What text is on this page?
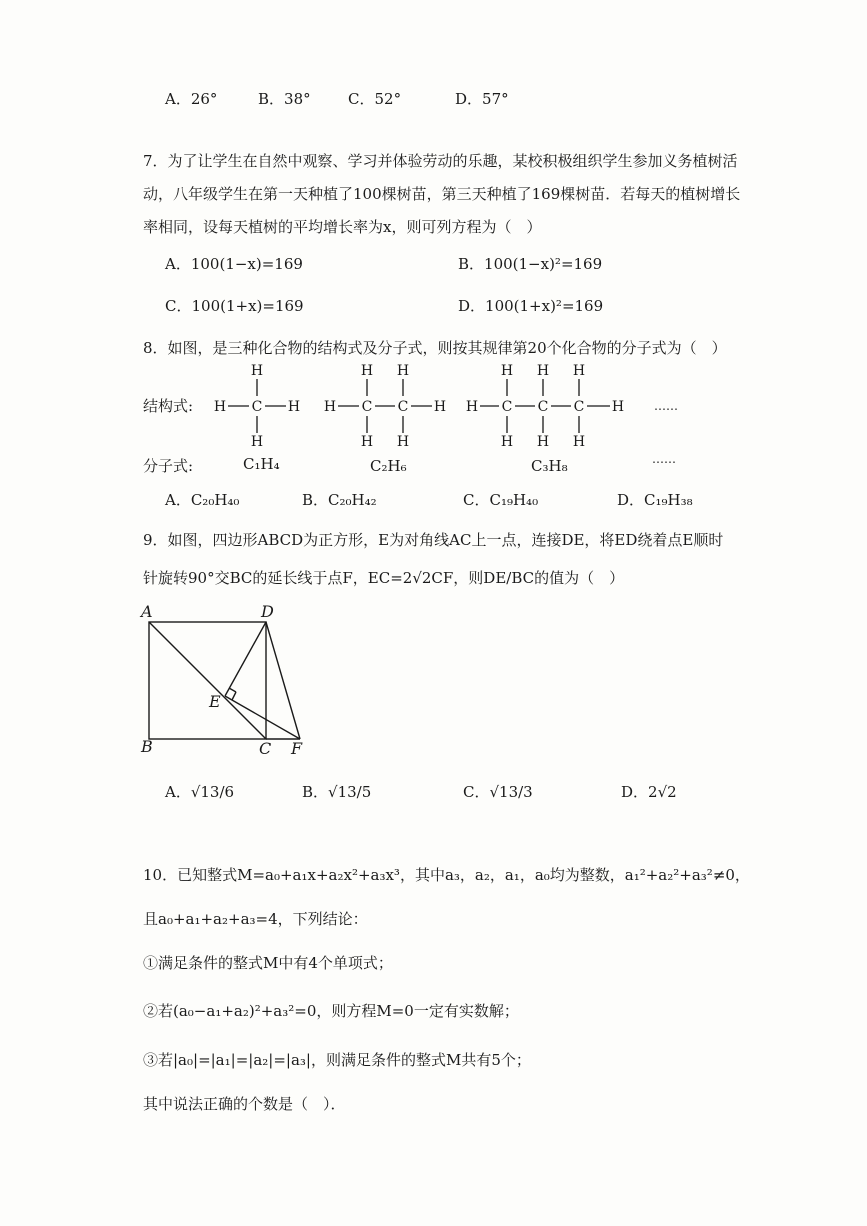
A．26°	B．38° C．52°	D．57°
7．为了让学生在自然中观察、学习并体验劳动的乐趣，某校积极组织学生参加义务植树活
动，八年级学生在第一天种植了100棵树苗，第三天种植了169棵树苗．若每天的植树增长
率相同，设每天植树的平均增长率为x，则可列方程为（　）
A．100(1−x)=169	B．100(1−x)²=169
C．100(1+x)=169	D．100(1+x)²=169
8．如图，是三种化合物的结构式及分子式，则按其规律第20个化合物的分子式为（　）
结构式:
分子式:
H
H C H
H
H
H
C
H
H
C
H
H H
H
C
H
H
C
H
H
C
H
H ……
C₁H₄	C₂H₆	C₃H₈	……
A．C₂₀H₄₀	B．C₂₀H₄₂	C．C₁₉H₄₀	D．C₁₉H₃₈
9．如图，四边形ABCD为正方形，E为对角线AC上一点，连接DE，将ED绕着点E顺时
针旋转90°交BC的延长线于点F，EC=2√2CF，则DE/BC的值为（　）
A	D
E
B	C F
A．√13/6	B．√13/5	C．√13/3	D．2√2
10．已知整式M=a₀+a₁x+a₂x²+a₃x³，其中a₃，a₂，a₁，a₀均为整数，a₁²+a₂²+a₃²≠0，
且a₀+a₁+a₂+a₃=4，下列结论：
①满足条件的整式M中有4个单项式；
②若(a₀−a₁+a₂)²+a₃²=0，则方程M=0一定有实数解；
③若|a₀|=|a₁|=|a₂|=|a₃|，则满足条件的整式M共有5个；
其中说法正确的个数是（　）．
